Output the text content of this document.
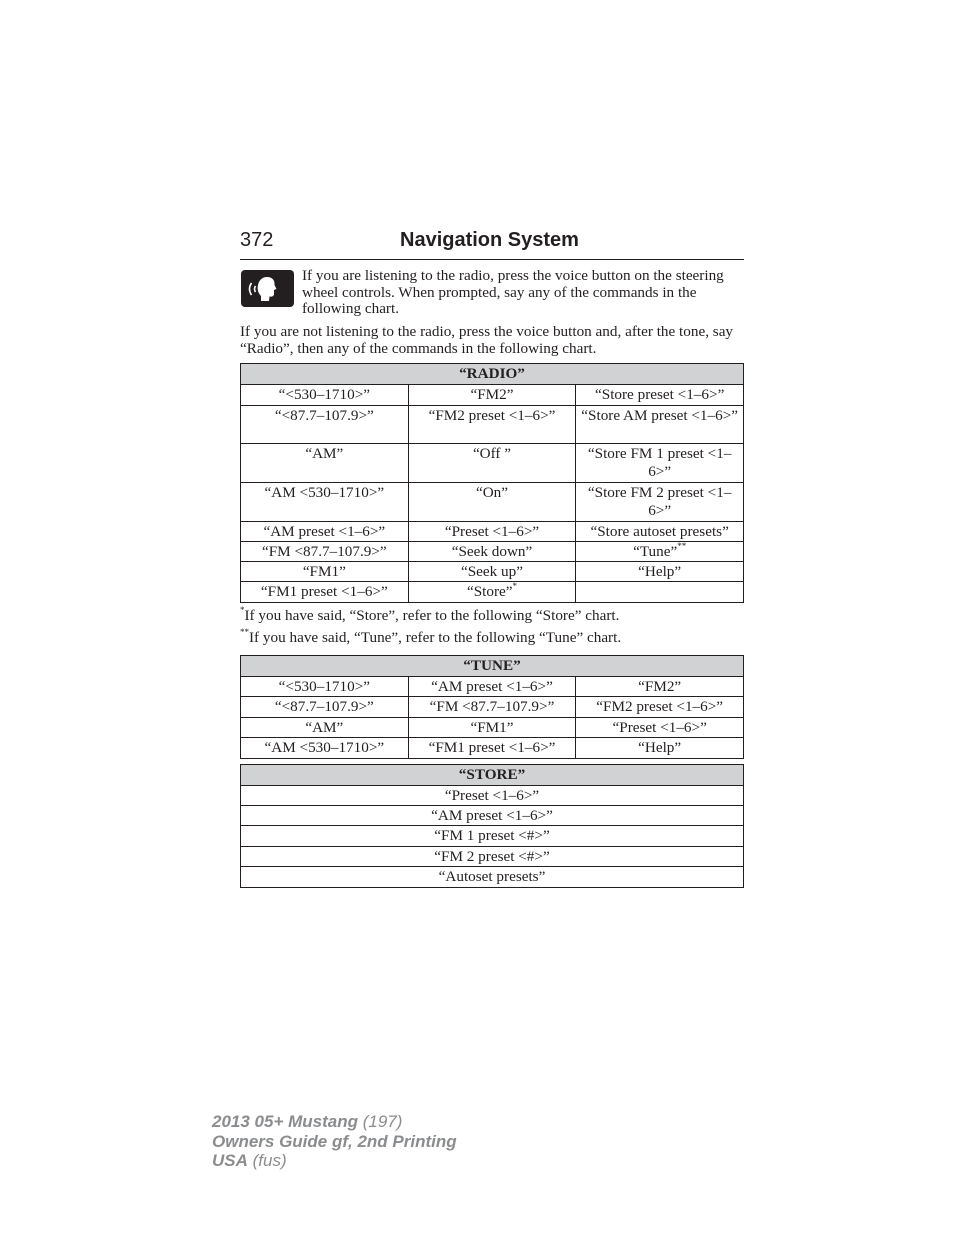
372	Navigation System

If you are listening to the radio, press the voice button on the steering wheel controls. When prompted, say any of the commands in the following chart.

If you are not listening to the radio, press the voice button and, after the tone, say “Radio”, then any of the commands in the following chart.

“RADIO”		
“<530–1710>”	“FM2”	“Store preset <1–6>”
“<87.7–107.9>”	“FM2 preset <1–6>”	“Store AM preset <1–6>”
“AM”	“Off ”	“Store FM 1 preset <1–6>”
“AM <530–1710>”	“On”	“Store FM 2 preset <1–6>”
“AM preset <1–6>”	“Preset <1–6>”	“Store autoset presets”
“FM <87.7–107.9>”	“Seek down”	“Tune”**
“FM1”	“Seek up”	“Help”
“FM1 preset <1–6>”	“Store”*	

*If you have said, “Store”, refer to the following “Store” chart.

**If you have said, “Tune”, refer to the following “Tune” chart.

“TUNE”		
“<530–1710>”	“AM preset <1–6>”	“FM2”
“<87.7–107.9>”	“FM <87.7–107.9>”	“FM2 preset <1–6>”
“AM”	“FM1”	“Preset <1–6>”
“AM <530–1710>”	“FM1 preset <1–6>”	“Help”
“STORE”
“Preset <1–6>”
“AM preset <1–6>”
“FM 1 preset <#>”
“FM 2 preset <#>”
“Autoset presets”
2013 05+ Mustang (197)
Owners Guide gf, 2nd Printing
USA (fus)
